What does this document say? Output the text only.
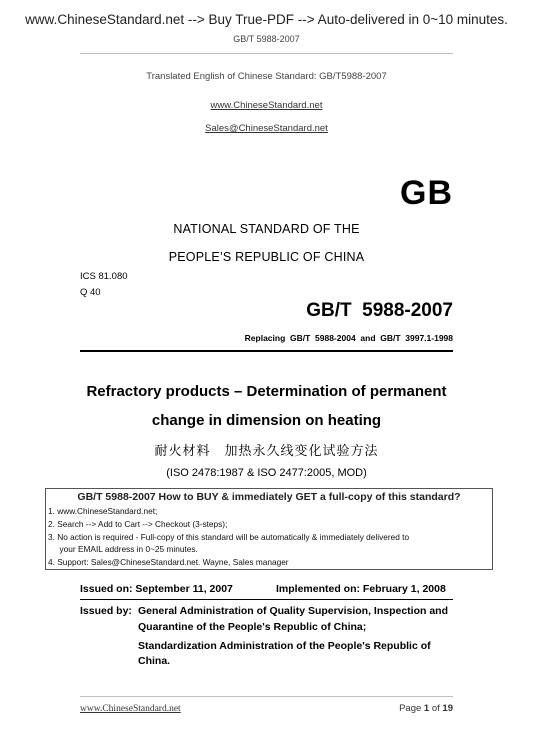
www.ChineseStandard.net --> Buy True-PDF --> Auto-delivered in 0~10 minutes.
GB/T 5988-2007
Translated English of Chinese Standard: GB/T5988-2007
www.ChineseStandard.net
Sales@ChineseStandard.net
GB
NATIONAL STANDARD OF THE
PEOPLE’S REPUBLIC OF CHINA
ICS 81.080
Q 40
GB/T  5988-2007
Replacing  GB/T  5988-2004  and  GB/T  3997.1-1998
Refractory products – Determination of permanent
change in dimension on heating
耐火材料　加热永久线变化试验方法
(ISO 2478:1987 & ISO 2477:2005, MOD)
GB/T 5988-2007 How to BUY & immediately GET a full-copy of this standard?
1. www.ChineseStandard.net;
2. Search --> Add to Cart --> Checkout (3-steps);
3. No action is required - Full-copy of this standard will be automatically & immediately delivered to
your EMAIL address in 0~25 minutes.
4. Support: Sales@ChineseStandard.net. Wayne, Sales manager
Issued on: September 11, 2007	Implemented on: February 1, 2008
Issued by: General Administration of Quality Supervision, Inspection and
Quarantine of the People's Republic of China;
Standardization Administration of the People's Republic of
China.
www.ChineseStandard.net	Page 1 of 19
